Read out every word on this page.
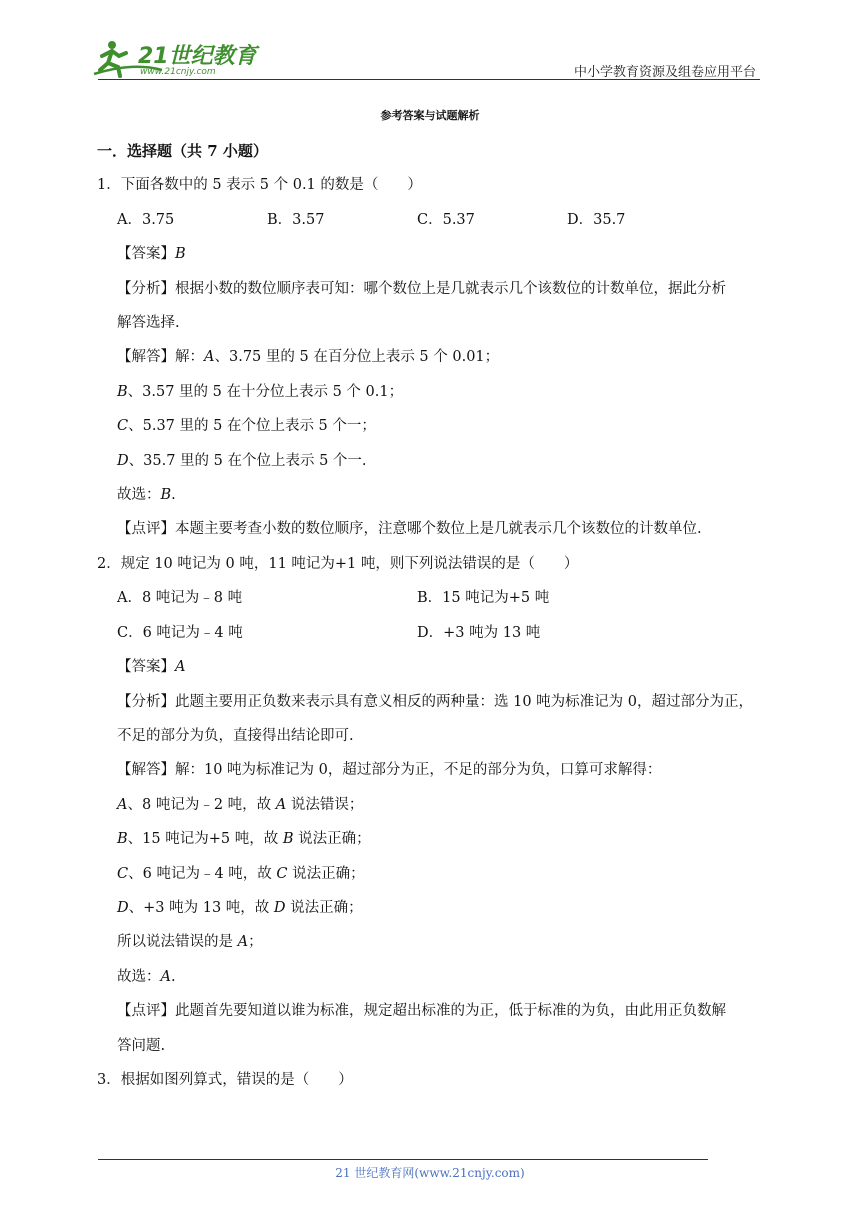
21世纪教育
www.21cnjy.com	中小学教育资源及组卷应用平台
参考答案与试题解析
一．选择题（共 7 小题）
1．下面各数中的 5 表示 5 个 0.1 的数是（　　）
A．3.75	B．3.57	C．5.37	D．35.7
【答案】B
【分析】根据小数的数位顺序表可知：哪个数位上是几就表示几个该数位的计数单位，据此分析
解答选择.
【解答】解：A、3.75 里的 5 在百分位上表示 5 个 0.01；
B、3.57 里的 5 在十分位上表示 5 个 0.1；
C、5.37 里的 5 在个位上表示 5 个一；
D、35.7 里的 5 在个位上表示 5 个一.
故选：B.
【点评】本题主要考查小数的数位顺序，注意哪个数位上是几就表示几个该数位的计数单位.
2．规定 10 吨记为 0 吨，11 吨记为+1 吨，则下列说法错误的是（　　）
A．8 吨记为﹣8 吨	B．15 吨记为+5 吨
C．6 吨记为﹣4 吨	D．+3 吨为 13 吨
【答案】A
【分析】此题主要用正负数来表示具有意义相反的两种量：选 10 吨为标准记为 0，超过部分为正，
不足的部分为负，直接得出结论即可.
【解答】解：10 吨为标准记为 0，超过部分为正，不足的部分为负，口算可求解得：
A、8 吨记为﹣2 吨，故 A 说法错误；
B、15 吨记为+5 吨，故 B 说法正确；
C、6 吨记为﹣4 吨，故 C 说法正确；
D、+3 吨为 13 吨，故 D 说法正确；
所以说法错误的是 A；
故选：A.
【点评】此题首先要知道以谁为标准，规定超出标准的为正，低于标准的为负，由此用正负数解
答问题.
3．根据如图列算式，错误的是（　　）
21 世纪教育网(www.21cnjy.com)
